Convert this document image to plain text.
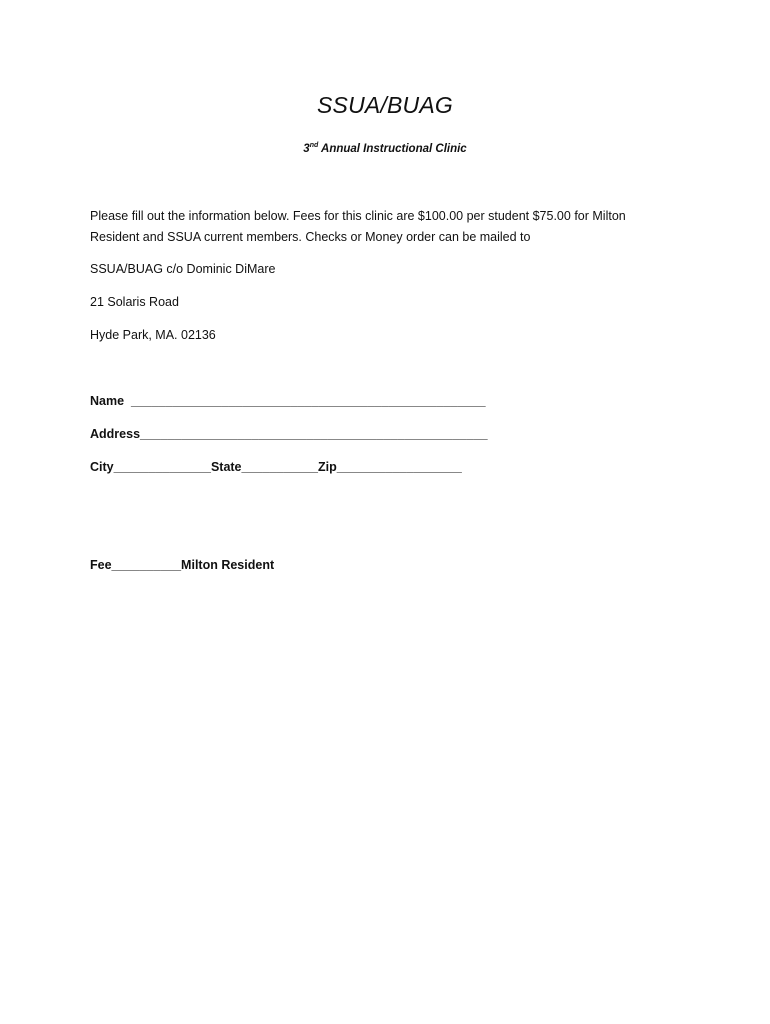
SSUA/BUAG
3nd Annual Instructional Clinic
Please fill out the information below. Fees for this clinic are $100.00 per student $75.00 for Milton
Resident and SSUA current members. Checks or Money order can be mailed to
SSUA/BUAG c/o Dominic DiMare
21 Solaris Road
Hyde Park, MA. 02136
Name  ___________________________________________________
Address__________________________________________________
City______________State___________Zip__________________
Fee__________Milton Resident
